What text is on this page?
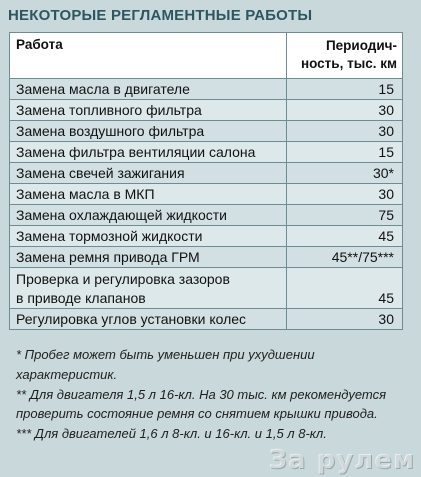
НЕКОТОРЫЕ РЕГЛАМЕНТНЫЕ РАБОТЫ
Работа	Периодич-
ность, тыс. км

Замена масла в двигателе	15
Замена топливного фильтра	30
Замена воздушного фильтра	30
Замена фильтра вентиляции салона	15
Замена свечей зажигания	30*
Замена масла в МКП	30
Замена охлаждающей жидкости	75
Замена тормозной жидкости	45
Замена ремня привода ГРМ	45**/75***

Проверка и регулировка зазоров
в приводе клапанов	45
Регулировка углов установки колес	30

* Пробег может быть уменьшен при ухудшении характеристик.

** Для двигателя 1,5 л 16-кл. На 30 тыс. км рекомендуется проверить состояние ремня со снятием крышки привода.

*** Для двигателей 1,6 л 8-кл. и 16-кл. и 1,5 л 8-кл.

За рулем
